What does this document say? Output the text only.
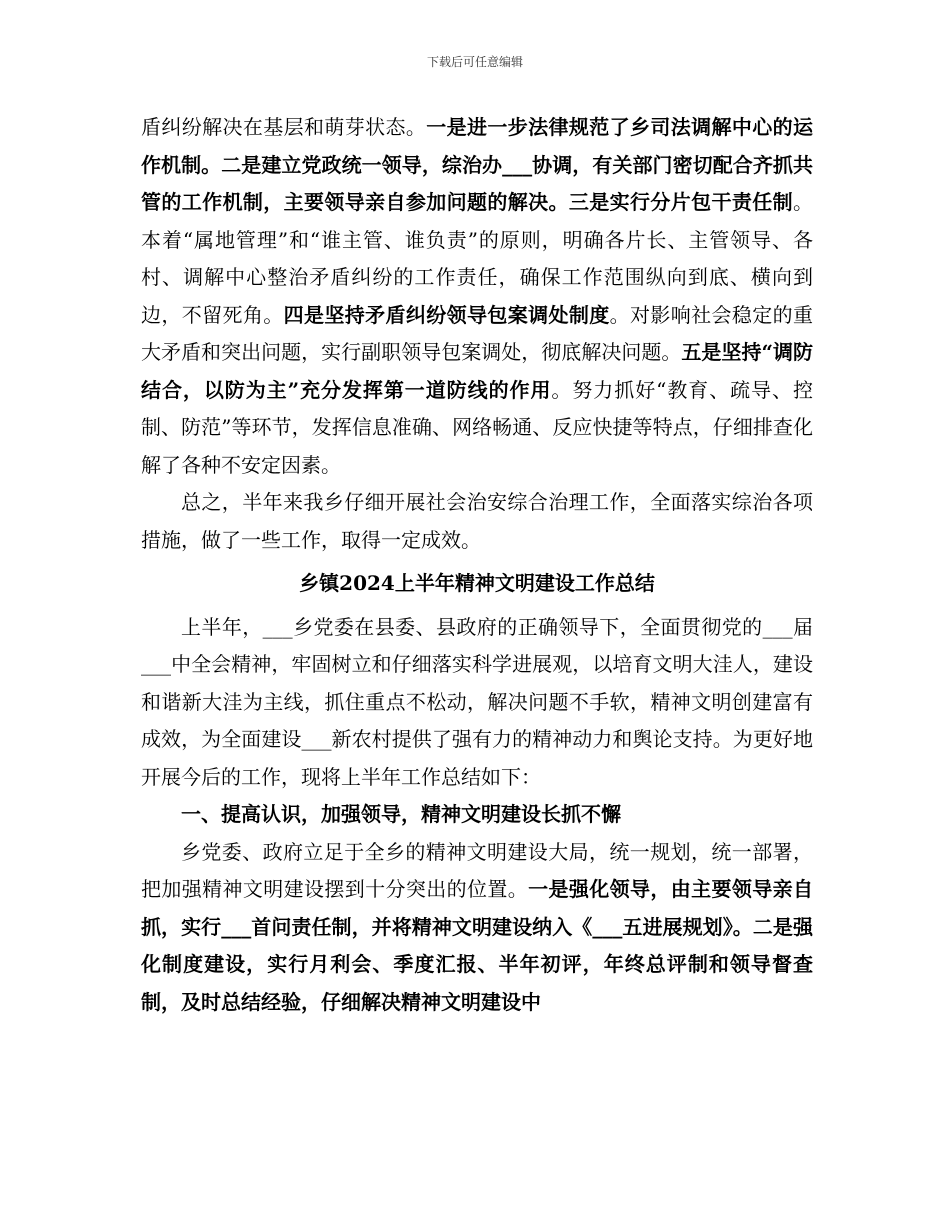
下载后可任意编辑

盾纠纷解决在基层和萌芽状态。一是进一步法律规范了乡司法调解中心的运作机制。二是建立党政统一领导，综治办___协调，有关部门密切配合齐抓共管的工作机制，主要领导亲自参加问题的解决。三是实行分片包干责任制。本着“属地管理”和“谁主管、谁负责”的原则，明确各片长、主管领导、各村、调解中心整治矛盾纠纷的工作责任，确保工作范围纵向到底、横向到边，不留死角。四是坚持矛盾纠纷领导包案调处制度。对影响社会稳定的重大矛盾和突出问题，实行副职领导包案调处，彻底解决问题。五是坚持“调防结合，以防为主”充分发挥第一道防线的作用。努力抓好“教育、疏导、控制、防范”等环节，发挥信息准确、网络畅通、反应快捷等特点，仔细排查化解了各种不安定因素。

总之，半年来我乡仔细开展社会治安综合治理工作，全面落实综治各项措施，做了一些工作，取得一定成效。

乡镇2024上半年精神文明建设工作总结

上半年，___乡党委在县委、县政府的正确领导下，全面贯彻党的___届___中全会精神，牢固树立和仔细落实科学进展观，以培育文明大洼人，建设和谐新大洼为主线，抓住重点不松动，解决问题不手软，精神文明创建富有成效，为全面建设___新农村提供了强有力的精神动力和舆论支持。为更好地开展今后的工作，现将上半年工作总结如下：

一、提高认识，加强领导，精神文明建设长抓不懈

乡党委、政府立足于全乡的精神文明建设大局，统一规划，统一部署，把加强精神文明建设摆到十分突出的位置。一是强化领导，由主要领导亲自抓，实行___首问责任制，并将精神文明建设纳入《___五进展规划》。二是强化制度建设，实行月利会、季度汇报、半年初评，年终总评制和领导督查制，及时总结经验，仔细解决精神文明建设中
